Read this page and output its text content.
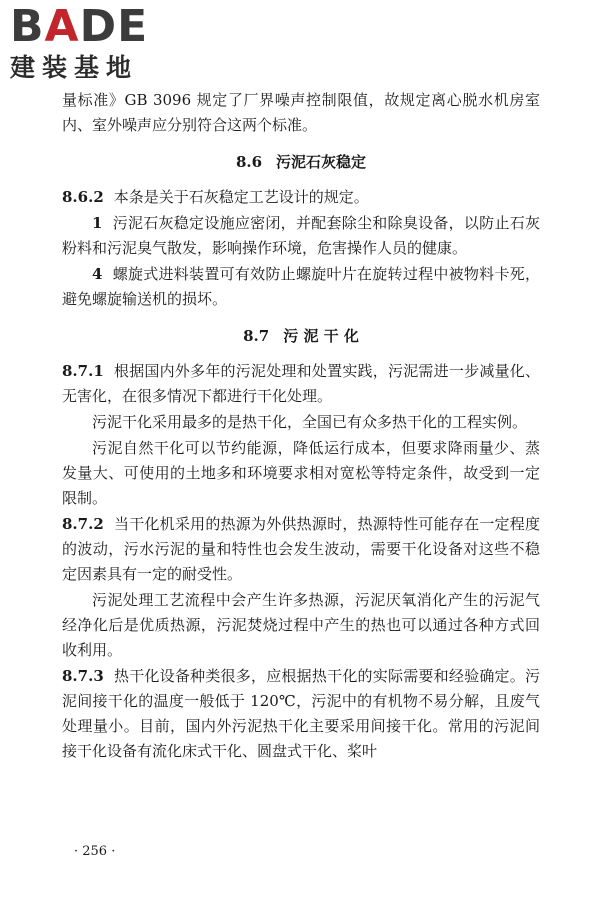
BADE
建装基地

量标准》GB 3096 规定了厂界噪声控制限值，故规定离心脱水机房室内、室外噪声应分别符合这两个标准。

8.6 污泥石灰稳定

8.6.2 本条是关于石灰稳定工艺设计的规定。

1 污泥石灰稳定设施应密闭，并配套除尘和除臭设备，以防止石灰粉料和污泥臭气散发，影响操作环境，危害操作人员的健康。

4 螺旋式进料装置可有效防止螺旋叶片在旋转过程中被物料卡死，避免螺旋输送机的损坏。

8.7 污 泥 干 化

8.7.1 根据国内外多年的污泥处理和处置实践，污泥需进一步减量化、无害化，在很多情况下都进行干化处理。

污泥干化采用最多的是热干化，全国已有众多热干化的工程实例。

污泥自然干化可以节约能源，降低运行成本，但要求降雨量少、蒸发量大、可使用的土地多和环境要求相对宽松等特定条件，故受到一定限制。

8.7.2 当干化机采用的热源为外供热源时，热源特性可能存在一定程度的波动，污水污泥的量和特性也会发生波动，需要干化设备对这些不稳定因素具有一定的耐受性。

污泥处理工艺流程中会产生许多热源，污泥厌氧消化产生的污泥气经净化后是优质热源，污泥焚烧过程中产生的热也可以通过各种方式回收利用。

8.7.3 热干化设备种类很多，应根据热干化的实际需要和经验确定。污泥间接干化的温度一般低于 120℃，污泥中的有机物不易分解，且废气处理量小。目前，国内外污泥热干化主要采用间接干化。常用的污泥间接干化设备有流化床式干化、圆盘式干化、桨叶

· 256 ·
